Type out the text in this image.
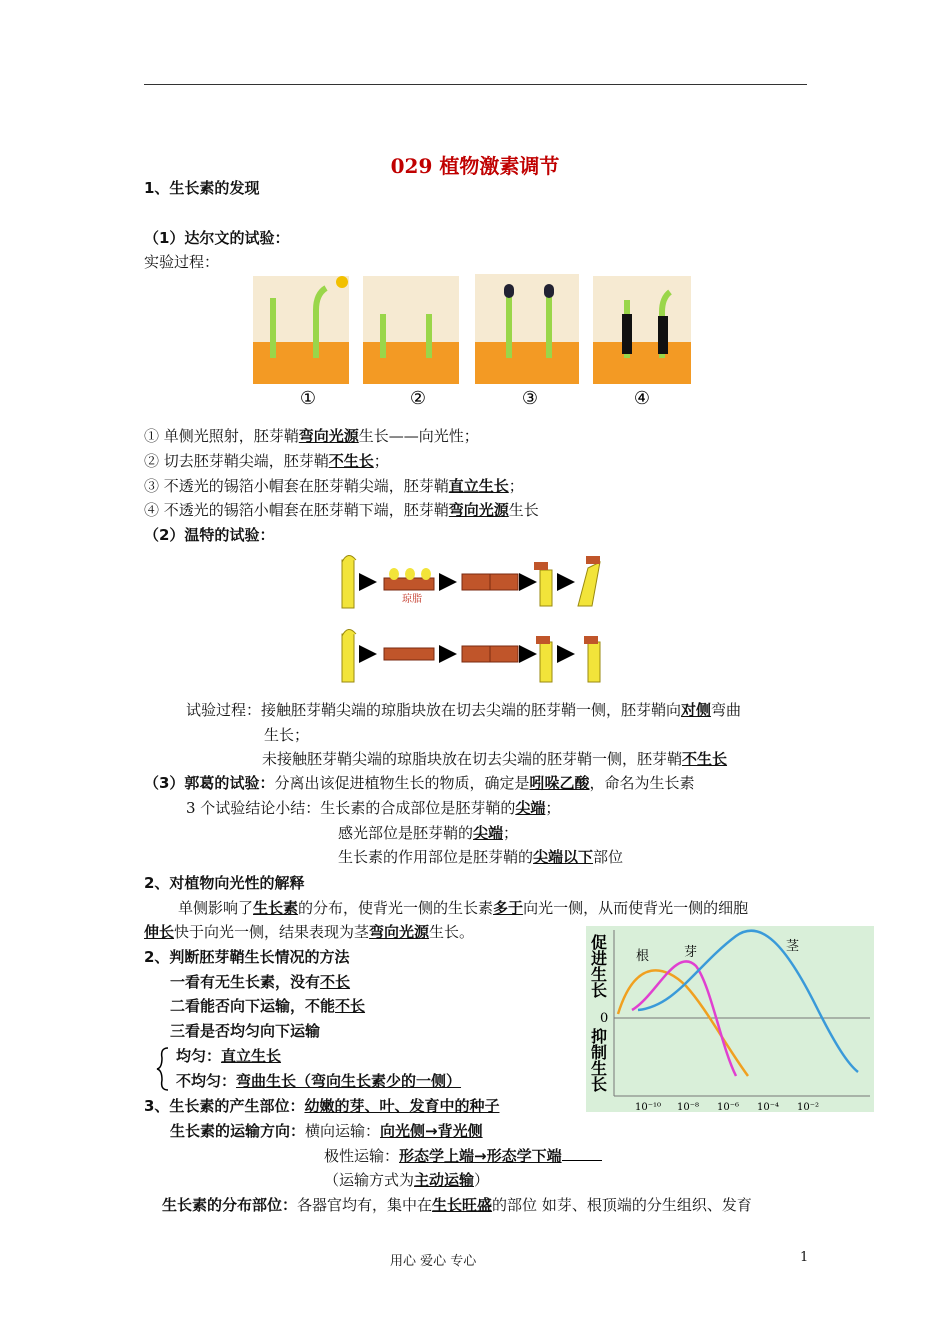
029 植物激素调节
1、生长素的发现
（1）达尔文的试验：
实验过程：
①	②	③	④
① 单侧光照射，胚芽鞘弯向光源生长——向光性；
② 切去胚芽鞘尖端，胚芽鞘不生长；
③ 不透光的锡箔小帽套在胚芽鞘尖端，胚芽鞘直立生长；
④ 不透光的锡箔小帽套在胚芽鞘下端，胚芽鞘弯向光源生长
（2）温特的试验：
琼脂
试验过程：接触胚芽鞘尖端的琼脂块放在切去尖端的胚芽鞘一侧，胚芽鞘向对侧弯曲
生长；
未接触胚芽鞘尖端的琼脂块放在切去尖端的胚芽鞘一侧，胚芽鞘不生长
（3）郭葛的试验：分离出该促进植物生长的物质，确定是吲哚乙酸，命名为生长素
3 个试验结论小结：生长素的合成部位是胚芽鞘的尖端；
感光部位是胚芽鞘的尖端；
生长素的作用部位是胚芽鞘的尖端以下部位
2、对植物向光性的解释
单侧影响了生长素的分布，使背光一侧的生长素多于向光一侧，从而使背光一侧的细胞
伸长快于向光一侧，结果表现为茎弯向光源生长。
2、判断胚芽鞘生长情况的方法
一看有无生长素，没有不长
二看能否向下运输，不能不长
三看是否均匀向下运输
均匀：直立生长
不均匀：弯曲生长（弯向生长素少的一侧）
3、生长素的产生部位：幼嫩的芽、叶、发育中的种子
生长素的运输方向：横向运输：向光侧→背光侧
极性运输：形态学上端→形态学下端
（运输方式为主动运输）
生长素的分布部位：各器官均有，集中在生长旺盛的部位 如芽、根顶端的分生组织、发育
促进生长
0
抑制生长
10⁻¹⁰ 10⁻⁸ 10⁻⁶ 10⁻⁴ 10⁻²
根	芽	茎
用心 爱心 专心	1
